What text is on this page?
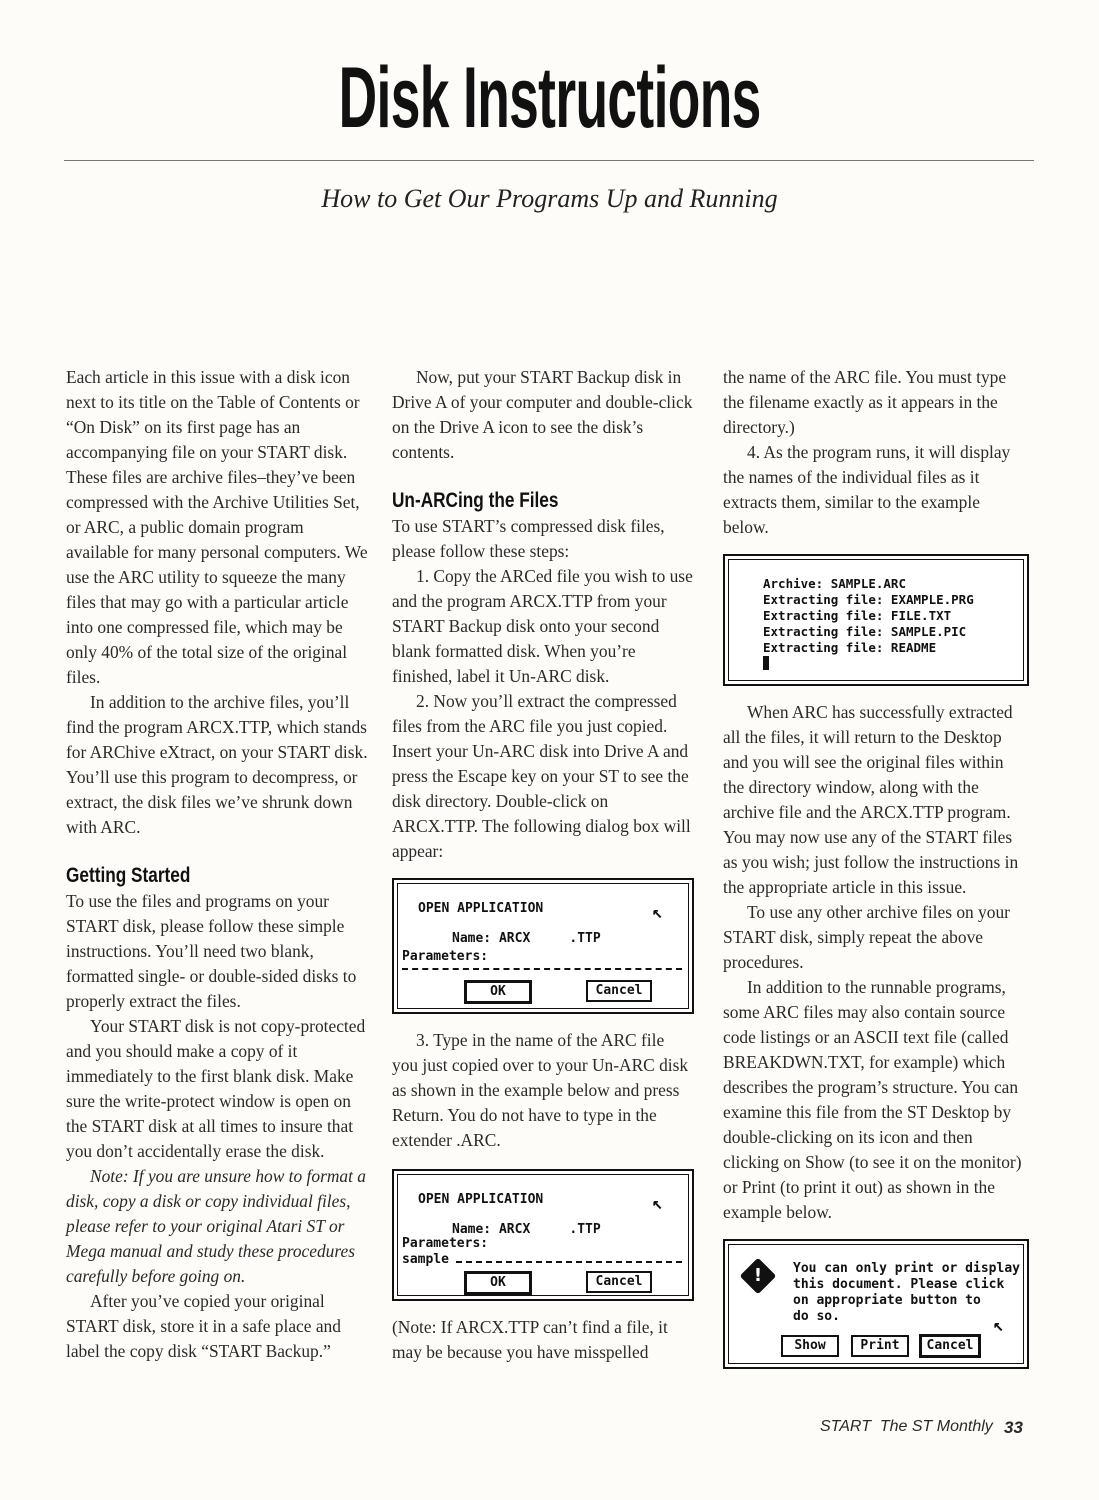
Disk Instructions
How to Get Our Programs Up and Running

Each article in this issue with a disk icon next to its title on the Table of Contents or “On Disk” on its first page has an accompanying file on your START disk. These files are archive files–they’ve been compressed with the Archive Utilities Set, or ARC, a public domain program available for many personal computers. We use the ARC utility to squeeze the many files that may go with a particular article into one compressed file, which may be only 40% of the total size of the original files.

In addition to the archive files, you’ll find the program ARCX.TTP, which stands for ARChive eXtract, on your START disk. You’ll use this program to decompress, or extract, the disk files we’ve shrunk down with ARC.

Getting Started

To use the files and programs on your START disk, please follow these simple instructions. You’ll need two blank, formatted single- or double-sided disks to properly extract the files.

Your START disk is not copy-protected and you should make a copy of it immediately to the first blank disk. Make sure the write-protect window is open on the START disk at all times to insure that you don’t accidentally erase the disk.

Note: If you are unsure how to format a disk, copy a disk or copy individual files, please refer to your original Atari ST or Mega manual and study these procedures carefully before going on.

After you’ve copied your original START disk, store it in a safe place and label the copy disk “START Backup.”

Now, put your START Backup disk in Drive A of your computer and double-click on the Drive A icon to see the disk’s contents.

Un-ARCing the Files

To use START’s compressed disk files, please follow these steps:

1. Copy the ARCed file you wish to use and the program ARCX.TTP from your START Backup disk onto your second blank formatted disk. When you’re finished, label it Un-ARC disk.

2. Now you’ll extract the compressed files from the ARC file you just copied. Insert your Un-ARC disk into Drive A and press the Escape key on your ST to see the disk directory. Double-click on ARCX.TTP. The following dialog box will appear:

OPEN APPLICATION	↖
Name: ARCX     .TTP
Parameters:
OK	Cancel

3. Type in the name of the ARC file you just copied over to your Un-ARC disk as shown in the example below and press Return. You do not have to type in the extender .ARC.

OPEN APPLICATION	↖
Name: ARCX     .TTP
Parameters:
sample
OK	Cancel

(Note: If ARCX.TTP can’t find a file, it may be because you have misspelled

the name of the ARC file. You must type the filename exactly as it appears in the directory.)

4. As the program runs, it will display the names of the individual files as it extracts them, similar to the example below.

Archive: SAMPLE.ARC
Extracting file: EXAMPLE.PRG
Extracting file: FILE.TXT
Extracting file: SAMPLE.PIC
Extracting file: README

When ARC has successfully extracted all the files, it will return to the Desktop and you will see the original files within the directory window, along with the archive file and the ARCX.TTP program. You may now use any of the START files as you wish; just follow the instructions in the appropriate article in this issue.

To use any other archive files on your START disk, simply repeat the above procedures.

In addition to the runnable programs, some ARC files may also contain source code listings or an ASCII text file (called BREAKDWN.TXT, for example) which describes the program’s structure. You can examine this file from the ST Desktop by double-clicking on its icon and then clicking on Show (to see it on the monitor) or Print (to print it out) as shown in the example below.

!	You can only print or display
this document. Please click
on appropriate button to
do so.	↖
Show	Print	Cancel
START  The ST Monthly 33
